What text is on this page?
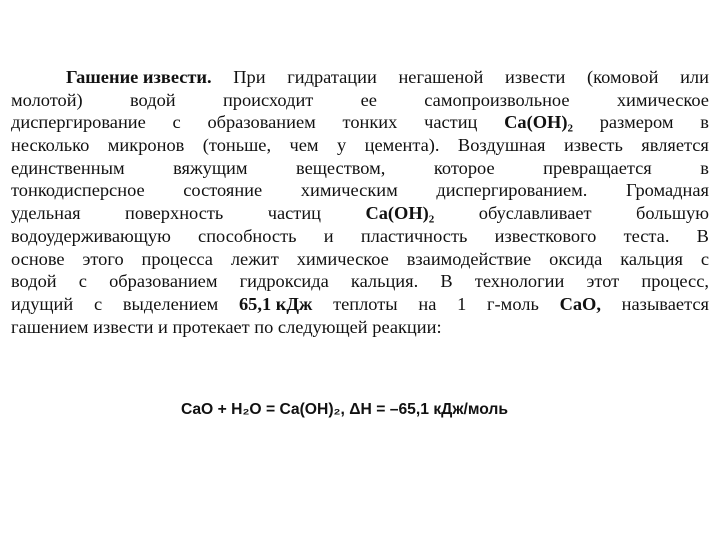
Гашение извести. При гидратации негашеной извести (комовой или
молотой)	водой	происходит	ее	самопроизвольное	химическое
диспергирование с образованием тонких частиц Ca(OH)₂ размером в
несколько микронов (тоньше, чем у цемента). Воздушная известь является
единственным	вяжущим	веществом,	которое	превращается	в
тонкодисперсное состояние химическим диспергированием. Громадная
удельная поверхность частиц Ca(OH)₂ обуславливает большую
водоудерживающую способность и пластичность известкового теста. В
основе этого процесса лежит химическое взаимодействие оксида кальция с
водой с образованием гидроксида кальция. В технологии этот процесс,
идущий с выделением 65,1 кДж теплоты на 1 г-моль CaO, называется
гашением извести и протекает по следующей реакции:

CaO + H₂O = Ca(OH)₂, ΔH = –65,1 кДж/моль
